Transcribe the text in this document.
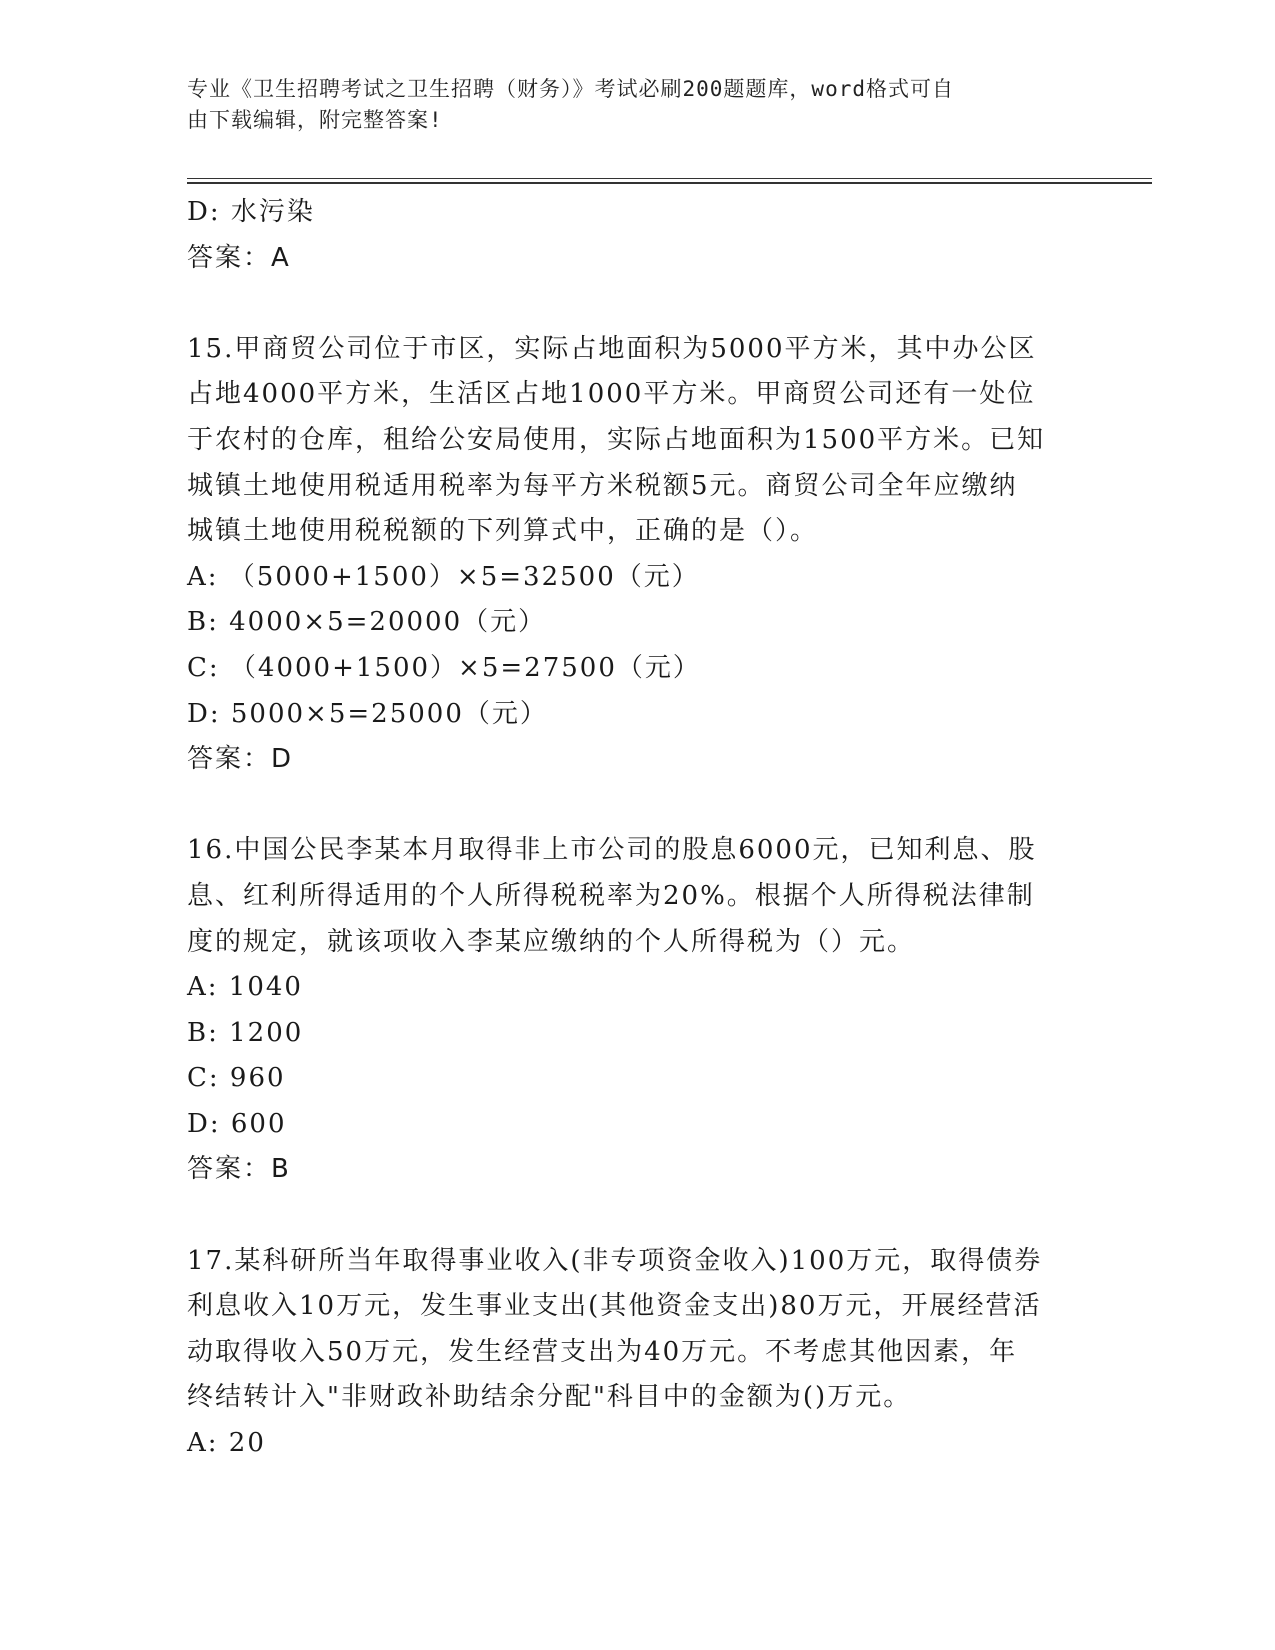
专业《卫生招聘考试之卫生招聘（财务）》考试必刷200题题库，word格式可自
由下载编辑，附完整答案!
D: 水污染
答案：A
15.甲商贸公司位于市区，实际占地面积为5000平方米，其中办公区
占地4000平方米，生活区占地1000平方米。甲商贸公司还有一处位
于农村的仓库，租给公安局使用，实际占地面积为1500平方米。已知
城镇土地使用税适用税率为每平方米税额5元。商贸公司全年应缴纳
城镇土地使用税税额的下列算式中，正确的是（）。
A: （5000+1500）×5=32500（元）
B: 4000×5=20000（元）
C: （4000+1500）×5=27500（元）
D: 5000×5=25000（元）
答案：D
16.中国公民李某本月取得非上市公司的股息6000元，已知利息、股
息、红利所得适用的个人所得税税率为20%。根据个人所得税法律制
度的规定，就该项收入李某应缴纳的个人所得税为（）元。
A: 1040
B: 1200
C: 960
D: 600
答案：B
17.某科研所当年取得事业收入(非专项资金收入)100万元，取得债券
利息收入10万元，发生事业支出(其他资金支出)80万元，开展经营活
动取得收入50万元，发生经营支出为40万元。不考虑其他因素，年
终结转计入"非财政补助结余分配"科目中的金额为()万元。
A: 20
